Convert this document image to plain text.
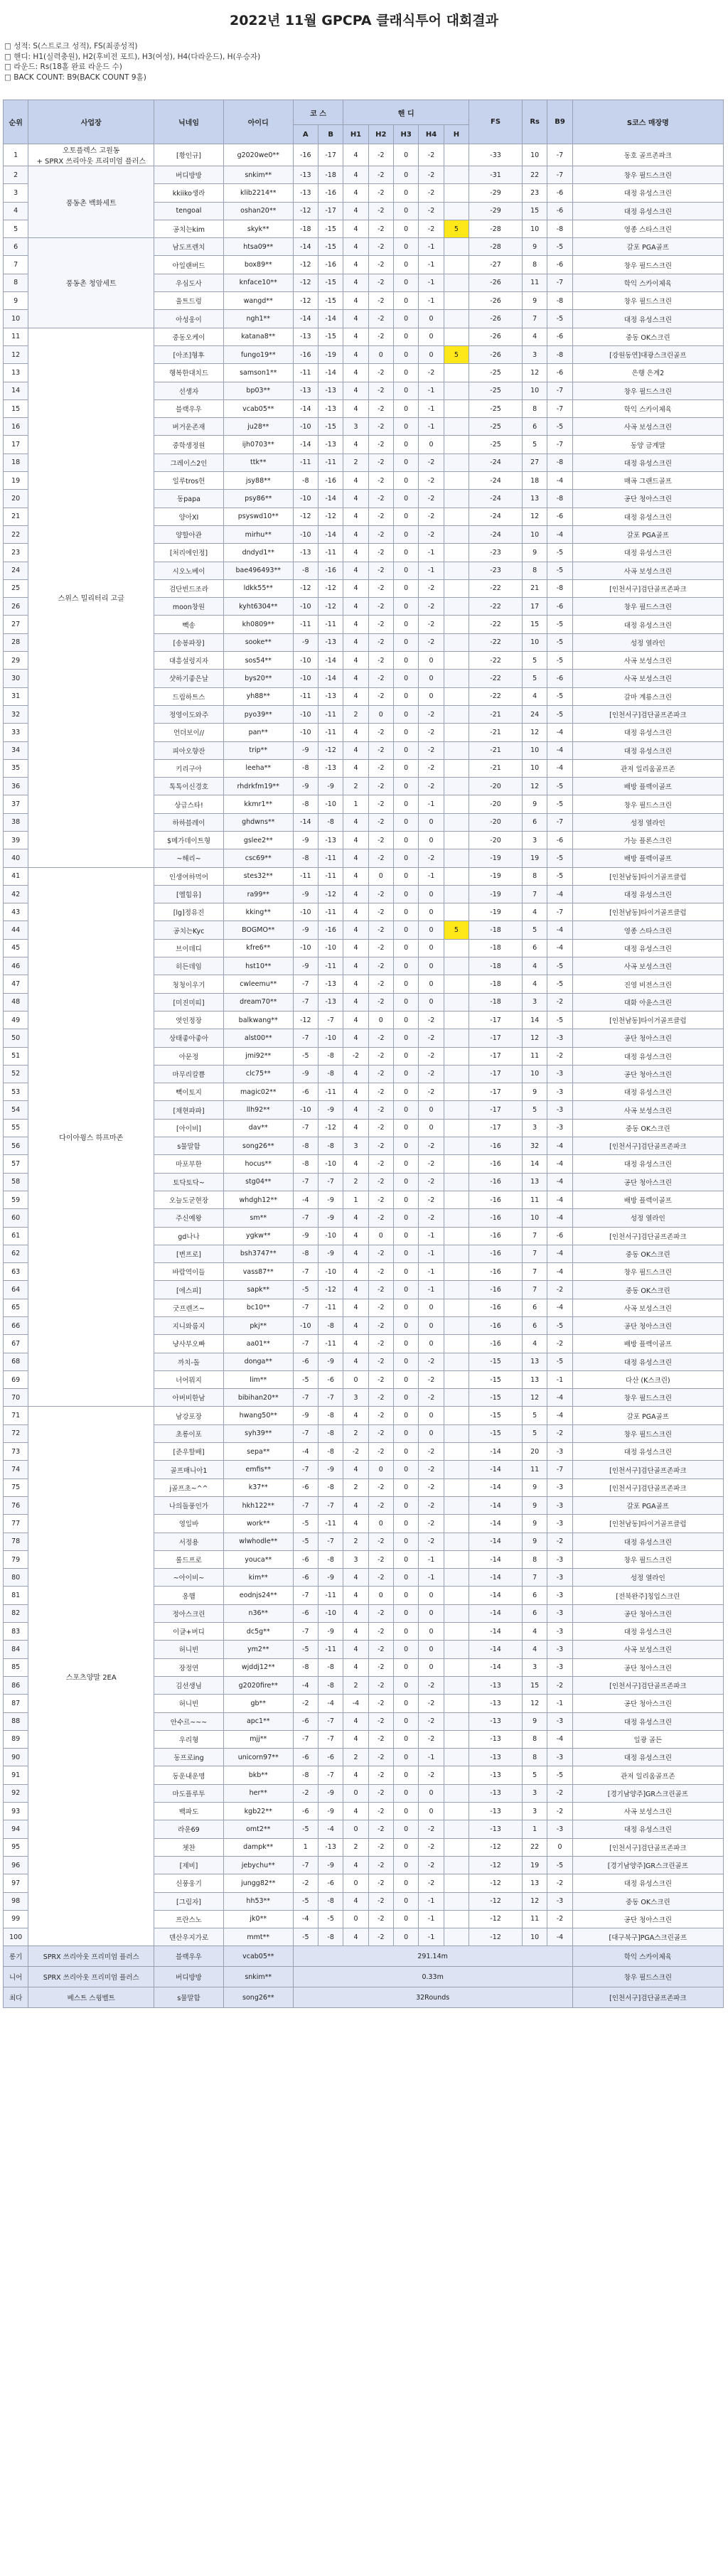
2022년 11월 GPCPA 클래식투어 대회결과
□ 성적: S(스트로크 성적), FS(최종성적)
□ 핸디: H1(실력충원), H2(후비전 포트), H3(여성), H4(다라운드), H(우승자)
□ 라운드: Rs(18홀 완료 라운드 수)
□ BACK COUNT: B9(BACK COUNT 9홀)
순위	사업장	닉네임	아이디	코 스		핸 디					FS	Rs	B9	S코스 매장명
				A	B	H1	H2	H3	H4	H				
1	오토플렉스 고원동
+ SPRX 쓰리아웃 프리미엄 플러스	[황인규]	g2020we0**	-16	-17	4	-2	0	-2		-33	10	-7	동호 골프존파크
2	풍동촌 백화세트	버디방방	snkim**	-13	-18	4	-2	0	-2		-31	22	-7	창우 필드스크린
3		kkiiko생라	klib2214**	-13	-16	4	-2	0	-2		-29	23	-6	대정 유성스크린
4		tengoal	oshan20**	-12	-17	4	-2	0	-2		-29	15	-6	대정 유성스크린
5		공치는kim	skyk**	-18	-15	4	-2	0	-2	5	-28	10	-8	영종 스타스크린
6	풍동촌 청암세트	남도프렌치	htsa09**	-14	-15	4	-2	0	-1		-28	9	-5	갈포 PGA골프
7		아일랜버드	box89**	-12	-16	4	-2	0	-1		-27	8	-6	창우 필드스크린
8		우심도사	knface10**	-12	-15	4	-2	0	-1		-26	11	-7	학익 스카이체육
9		울트드렁	wangd**	-12	-15	4	-2	0	-1		-26	9	-8	창우 필드스크린
10		아성웅이	ngh1**	-14	-14	4	-2	0	0		-26	7	-5	대정 유성스크린
11	스위스 밀리터리 고글	중동오케이	katana8**	-13	-15	4	-2	0	0		-26	4	-6	중동 OK스크린
12		[아조]형후	fungo19**	-16	-19	4	0	0	0	5	-26	3	-8	[강원동연]대광스크린골프
13		행복한대치드	samson1**	-11	-14	4	-2	0	-2		-25	12	-6	은행 은계2
14		선생자	bp03**	-13	-13	4	-2	0	-1		-25	10	-7	창우 필드스크린
15		블랙우우	vcab05**	-14	-13	4	-2	0	-1		-25	8	-7	학익 스카이체육
16		버거운존재	ju28**	-10	-15	3	-2	0	-1		-25	6	-5	사곡 보성스크린
17		중학생정원	ijh0703**	-14	-13	4	-2	0	0		-25	5	-7	동양 금계말
18		그레이스2인	ttk**	-11	-11	2	-2	0	-2		-24	27	-8	대정 유성스크린
19		일루tros헌	jsy88**	-8	-16	4	-2	0	-2		-24	18	-4	매곡 그랜드골프
20		동papa	psy86**	-10	-14	4	-2	0	-2		-24	13	-8	공단 청아스크린
21		양아XI	psyswd10**	-12	-12	4	-2	0	-2		-24	12	-6	대정 유성스크린
22		양할아관	mirhu**	-10	-14	4	-2	0	-2		-24	10	-4	갈포 PGA골프
23		[처리에인정]	dndyd1**	-13	-11	4	-2	0	-1		-23	9	-5	대정 유성스크린
24		시오노베이	bae496493**	-8	-16	4	-2	0	-1		-23	8	-5	사곡 보성스크린
25		검단빈드조라	ldkk55**	-12	-12	4	-2	0	-2		-22	21	-8	[인천서구]검단골프존파크
26		moon창원	kyht6304**	-10	-12	4	-2	0	-2		-22	17	-6	창우 필드스크린
27		빽송	kh0809**	-11	-11	4	-2	0	-2		-22	15	-5	대정 유성스크린
28		[송봉파장]	sooke**	-9	-13	4	-2	0	-2		-22	10	-5	성정 열라인
29		대흥설렁지자	sos54**	-10	-14	4	-2	0	0		-22	5	-5	사곡 보성스크린
30		샷하기좋은날	bys20**	-10	-14	4	-2	0	0		-22	5	-6	사곡 보성스크린
31		드림하트스	yh88**	-11	-13	4	-2	0	0		-22	4	-5	갈마 계룡스크린
32		정영이도와주	pyo39**	-10	-11	2	0	0	-2		-21	24	-5	[인천서구]검단골프존파크
33		언더보이//	pan**	-10	-11	4	-2	0	-2		-21	12	-4	대정 유성스크린
34		피아오향잔	trip**	-9	-12	4	-2	0	-2		-21	10	-4	대정 유성스크린
35		키리구아	leeha**	-8	-13	4	-2	0	-2		-21	10	-4	관저 일리움골프존
36		톡톡이신경호	rhdrkfm19**	-9	-9	2	-2	0	-2		-20	12	-5	배방 플렉이골프
37		상급스타!	kkmr1**	-8	-10	1	-2	0	-1		-20	9	-5	창우 필드스크린
38		하하블레이	ghdwns**	-14	-8	4	-2	0	0		-20	6	-7	성정 열라인
39		$메가데이트형	gslee2**	-9	-13	4	-2	0	0		-20	3	-6	가능 플론스크린
40		~해리~	csc69**	-8	-11	4	-2	0	-2		-19	19	-5	배방 플렉이골프
41	다이아윙스 하프마존	인생여하먹어	stes32**	-11	-11	4	0	0	-1		-19	8	-5	[인천남동]타이거골프클럽
42		[엘힘유]	ra99**	-9	-12	4	-2	0	0		-19	7	-4	대정 유성스크린
43		[lg]정유진	kking**	-10	-11	4	-2	0	0		-19	4	-7	[인천남동]타이거골프클럽
44		공치는Kyc	BOGMO**	-9	-16	4	-2	0	0	5	-18	5	-4	영종 스타스크린
45		브이데디	kfre6**	-10	-10	4	-2	0	0		-18	6	-4	대정 유성스크린
46		히든데임	hst10**	-9	-11	4	-2	0	0		-18	4	-5	사곡 보성스크린
47		청청이우기	cwleemu**	-7	-13	4	-2	0	0		-18	4	-5	진영 비전스크린
48		[미진미띠]	dream70**	-7	-13	4	-2	0	0		-18	3	-2	대화 아윤스크린
49		엿인정장	balkwang**	-12	-7	4	0	0	-2		-17	14	-5	[인천남동]타이거골프클럽
50		상태좋아좋아	alst00**	-7	-10	4	-2	0	-2		-17	12	-3	공단 청아스크린
51		아문정	jmi92**	-5	-8	-2	-2	0	-2		-17	11	-2	대정 유성스크린
52		마무리칼쁨	clc75**	-9	-8	4	-2	0	-2		-17	10	-3	공단 청아스크린
53		빽이토지	magic02**	-6	-11	4	-2	0	-2		-17	9	-3	대정 유성스크린
54		[채현파파]	llh92**	-10	-9	4	-2	0	0		-17	5	-3	사곡 보성스크린
55		[아이비]	dav**	-7	-12	4	-2	0	0		-17	3	-3	중동 OK스크린
56		s물말함	song26**	-8	-8	3	-2	0	-2		-16	32	-4	[인천서구]검단골프존파크
57		마포부한	hocus**	-8	-10	4	-2	0	-2		-16	14	-4	대정 유성스크린
58		토닥토닥~	stg04**	-7	-7	2	-2	0	-2		-16	13	-4	공단 청아스크린
59		오늘도굳현장	whdgh12**	-4	-9	1	-2	0	-2		-16	11	-4	배방 플렉이골프
60		주신예왕	sm**	-7	-9	4	-2	0	-2		-16	10	-4	성정 열라인
61		gd나나	ygkw**	-9	-10	4	0	0	-1		-16	7	-6	[인천서구]검단골프존파크
62		[변프로]	bsh3747**	-8	-9	4	-2	0	-1		-16	7	-4	중동 OK스크린
63		바람역이들	vass87**	-7	-10	4	-2	0	-1		-16	7	-4	창우 필드스크린
64		[에스피]	sapk**	-5	-12	4	-2	0	-1		-16	7	-2	중동 OK스크린
65		굿프렌즈~	bc10**	-7	-11	4	-2	0	0		-16	6	-4	사곡 보성스크린
66		지니와룸지	pkj**	-10	-8	4	-2	0	0		-16	6	-5	공단 청아스크린
67		냥사부오빠	aa01**	-7	-11	4	-2	0	0		-16	4	-2	배방 플렉이골프
68		까치-돌	donga**	-6	-9	4	-2	0	-2		-15	13	-5	대정 유성스크린
69		너어뭐지	lim**	-5	-6	0	-2	0	-2		-15	13	-1	다산 (K스크린)
70		아버비한남	bibihan20**	-7	-7	3	-2	0	-2		-15	12	-4	창우 필드스크린
71	스포츠양말 2EA	남강포장	hwang50**	-9	-8	4	-2	0	0		-15	5	-4	갈포 PGA골프
72		초롱이포	syh39**	-7	-8	2	-2	0	0		-15	5	-2	창우 필드스크린
73		[준우할배]	sepa**	-4	-8	-2	-2	0	-2		-14	20	-3	대정 유성스크린
74		골프매니아1	emfis**	-7	-9	4	0	0	-2		-14	11	-7	[인천서구]검단골프존파크
75		j골프초~^^	k37**	-6	-8	2	-2	0	-2		-14	9	-3	[인천서구]검단골프존파크
76		나의돌풍인가	hkh122**	-7	-7	4	-2	0	-2		-14	9	-3	갈포 PGA골프
77		영일바	work**	-5	-11	4	0	0	-2		-14	9	-3	[인천남동]타이거골프클럽
78		서정용	wlwhodle**	-5	-7	2	-2	0	-2		-14	9	-2	대정 유성스크린
79		롤드프로	youca**	-6	-8	3	-2	0	-1		-14	8	-3	창우 필드스크린
80		~아이비~	kim**	-6	-9	4	-2	0	-1		-14	7	-3	성정 열라인
81		옹햄	eodnjs24**	-7	-11	4	0	0	0		-14	6	-3	[전북완주]칭입스크린
82		정아스크린	n36**	-6	-10	4	-2	0	0		-14	6	-3	공단 청아스크린
83		이글+버디	dc5g**	-7	-9	4	-2	0	0		-14	4	-3	대정 유성스크린
84		허니빈	ym2**	-5	-11	4	-2	0	0		-14	4	-3	사곡 보성스크린
85		장정연	wjddj12**	-8	-8	4	-2	0	0		-14	3	-3	공단 청아스크린
86		김선생님	g2020fire**	-4	-8	2	-2	0	-2		-13	15	-2	[인천서구]검단골프존파크
87		허니빈	gb**	-2	-4	-4	-2	0	-2		-13	12	-1	공단 청아스크린
88		안수르~~~	apc1**	-6	-7	4	-2	0	-2		-13	9	-3	대정 유성스크린
89		우리형	mjj**	-7	-7	4	-2	0	-2		-13	8	-4	일광 골든
90		동프로ing	unicorn97**	-6	-6	2	-2	0	-1		-13	8	-3	대정 유성스크린
91		동운내운명	bkb**	-8	-7	4	-2	0	-2		-13	5	-5	관저 일리움골프존
92		마도플루투	her**	-2	-9	0	-2	0	0		-13	3	-2	[경기남양주]GR스크린골프
93		백파도	kgb22**	-6	-9	4	-2	0	0		-13	3	-2	사곡 보성스크린
94		라운69	omt2**	-5	-4	0	-2	0	-2		-13	1	-3	대정 유성스크린
95		쳇찬	dampk**	1	-13	2	-2	0	-2		-12	22	0	[인천서구]검단골프존파크
96		[제비]	jebychu**	-7	-9	4	-2	0	-2		-12	19	-5	[경기남양주]GR스크린골프
97		신풍웅기	jungg82**	-2	-6	0	-2	0	-2		-12	13	-2	대정 유성스크린
98		[그림자]	hh53**	-5	-8	4	-2	0	-1		-12	12	-3	중동 OK스크린
99		프란스노	jk0**	-4	-5	0	-2	0	-1		-12	11	-2	공단 청아스크린
100		덴산우지가로	mmt**	-5	-8	4	-2	0	-1		-12	10	-4	[대구북구]PGA스크린골프
롱기	SPRX 쓰리아웃 프리미엄 플러스	블랙우우	vcab05**	291.14m										학익 스카이체육
니어	SPRX 쓰리아웃 프리미엄 플러스	버디방방	snkim**	0.33m										창우 필드스크린
최다	베스트 스윙벨트	s물말함	song26**	32Rounds										[인천서구]검단골프존파크
